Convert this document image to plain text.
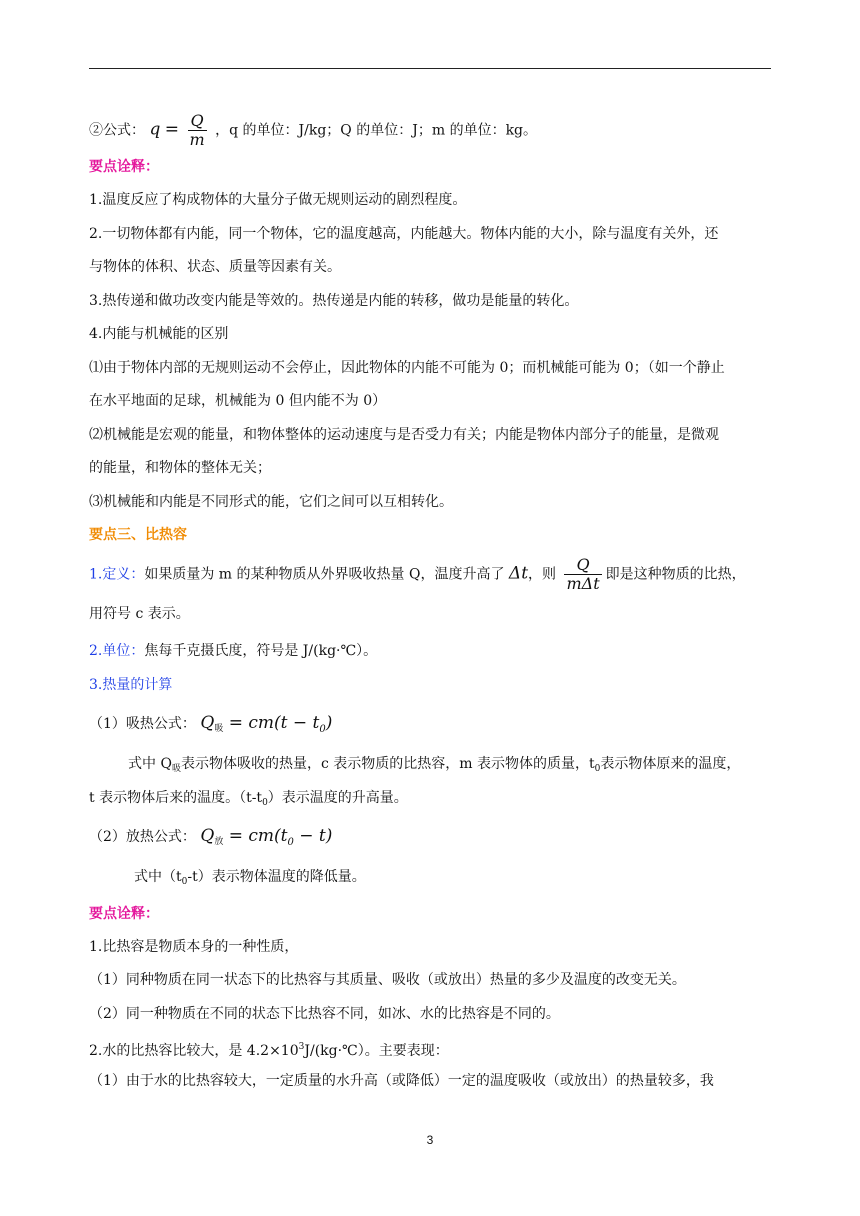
②公式： $q = \frac{Q}{m}$ ，q 的单位：J/kg；Q 的单位：J；m 的单位：kg。
要点诠释：
1.温度反应了构成物体的大量分子做无规则运动的剧烈程度。
2.一切物体都有内能，同一个物体，它的温度越高，内能越大。物体内能的大小，除与温度有关外，还
与物体的体积、状态、质量等因素有关。
3.热传递和做功改变内能是等效的。热传递是内能的转移，做功是能量的转化。
4.内能与机械能的区别
⑴由于物体内部的无规则运动不会停止，因此物体的内能不可能为 0；而机械能可能为 0；（如一个静止
在水平地面的足球，机械能为 0 但内能不为 0）
⑵机械能是宏观的能量，和物体整体的运动速度与是否受力有关；内能是物体内部分子的能量，是微观
的能量，和物体的整体无关；
⑶机械能和内能是不同形式的能，它们之间可以互相转化。
要点三、比热容
1.定义：如果质量为 m 的某种物质从外界吸收热量 Q，温度升高了 Δt，则 $\frac{Q}{\text{mΔt}}$ 即是这种物质的比热，
用符号 c 表示。
2.单位：焦每千克摄氏度，符号是 J/(kg·℃）。
3.热量的计算
（1）吸热公式： $Q_吸 = cm(t - t_0)$
式中 $Q_吸$表示物体吸收的热量，c 表示物质的比热容，m 表示物体的质量，$t_0$表示物体原来的温度，
t 表示物体后来的温度。$(t-t_0)$表示温度的升高量。
（2）放热公式： $Q_放 = cm(t_0 - t)$
式中$(t_0-t)$表示物体温度的降低量。
要点诠释：
1.比热容是物质本身的一种性质，
（1）同种物质在同一状态下的比热容与其质量、吸收（或放出）热量的多少及温度的改变无关。
（2）同一种物质在不同的状态下比热容不同，如冰、水的比热容是不同的。
2.水的比热容比较大，是 $4.2\times 10^3J/(kg\cdot℃)$。主要表现：
（1）由于水的比热容较大，一定质量的水升高（或降低）一定的温度吸收（或放出）的热量较多，我
3
